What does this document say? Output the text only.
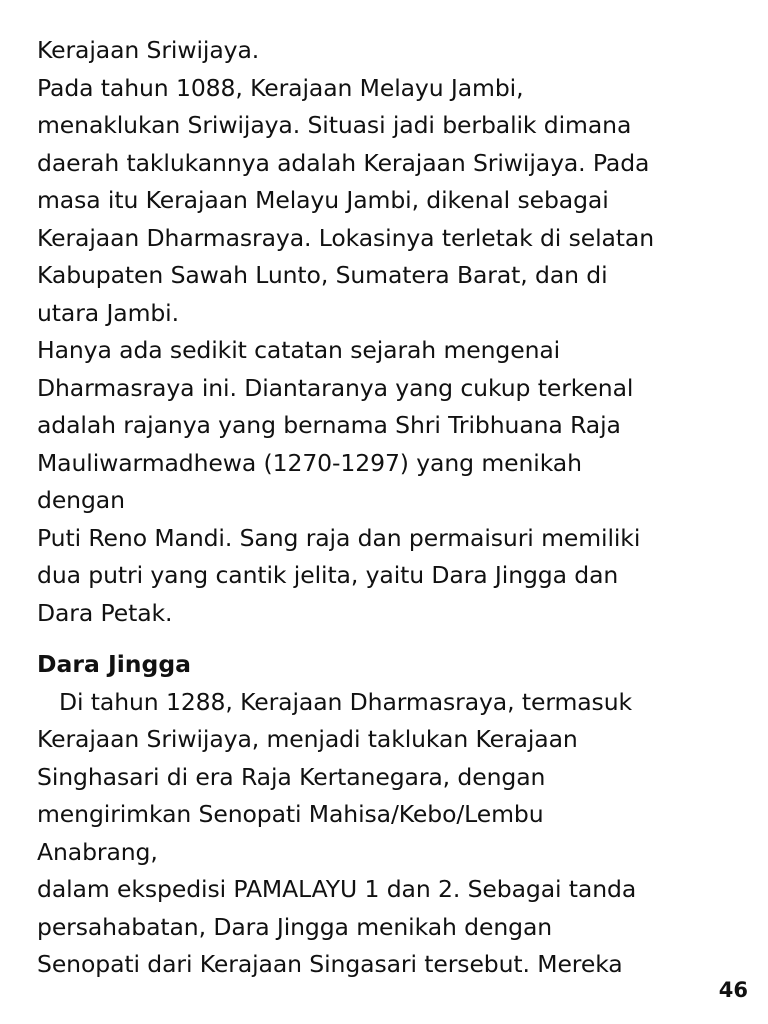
Kerajaan Sriwijaya.
Pada tahun 1088, Kerajaan Melayu Jambi,
menaklukan Sriwijaya. Situasi jadi berbalik dimana
daerah taklukannya adalah Kerajaan Sriwijaya. Pada
masa itu Kerajaan Melayu Jambi, dikenal sebagai
Kerajaan Dharmasraya. Lokasinya terletak di selatan
Kabupaten Sawah Lunto, Sumatera Barat, dan di
utara Jambi.
Hanya ada sedikit catatan sejarah mengenai
Dharmasraya ini. Diantaranya yang cukup terkenal
adalah rajanya yang bernama Shri Tribhuana Raja
Mauliwarmadhewa (1270-1297) yang menikah
dengan
Puti Reno Mandi. Sang raja dan permaisuri memiliki
dua putri yang cantik jelita, yaitu Dara Jingga dan
Dara Petak.
Dara Jingga
Di tahun 1288, Kerajaan Dharmasraya, termasuk
Kerajaan Sriwijaya, menjadi taklukan Kerajaan
Singhasari di era Raja Kertanegara, dengan
mengirimkan Senopati Mahisa/Kebo/Lembu
Anabrang,
dalam ekspedisi PAMALAYU 1 dan 2. Sebagai tanda
persahabatan, Dara Jingga menikah dengan
Senopati dari Kerajaan Singasari tersebut. Mereka
46
